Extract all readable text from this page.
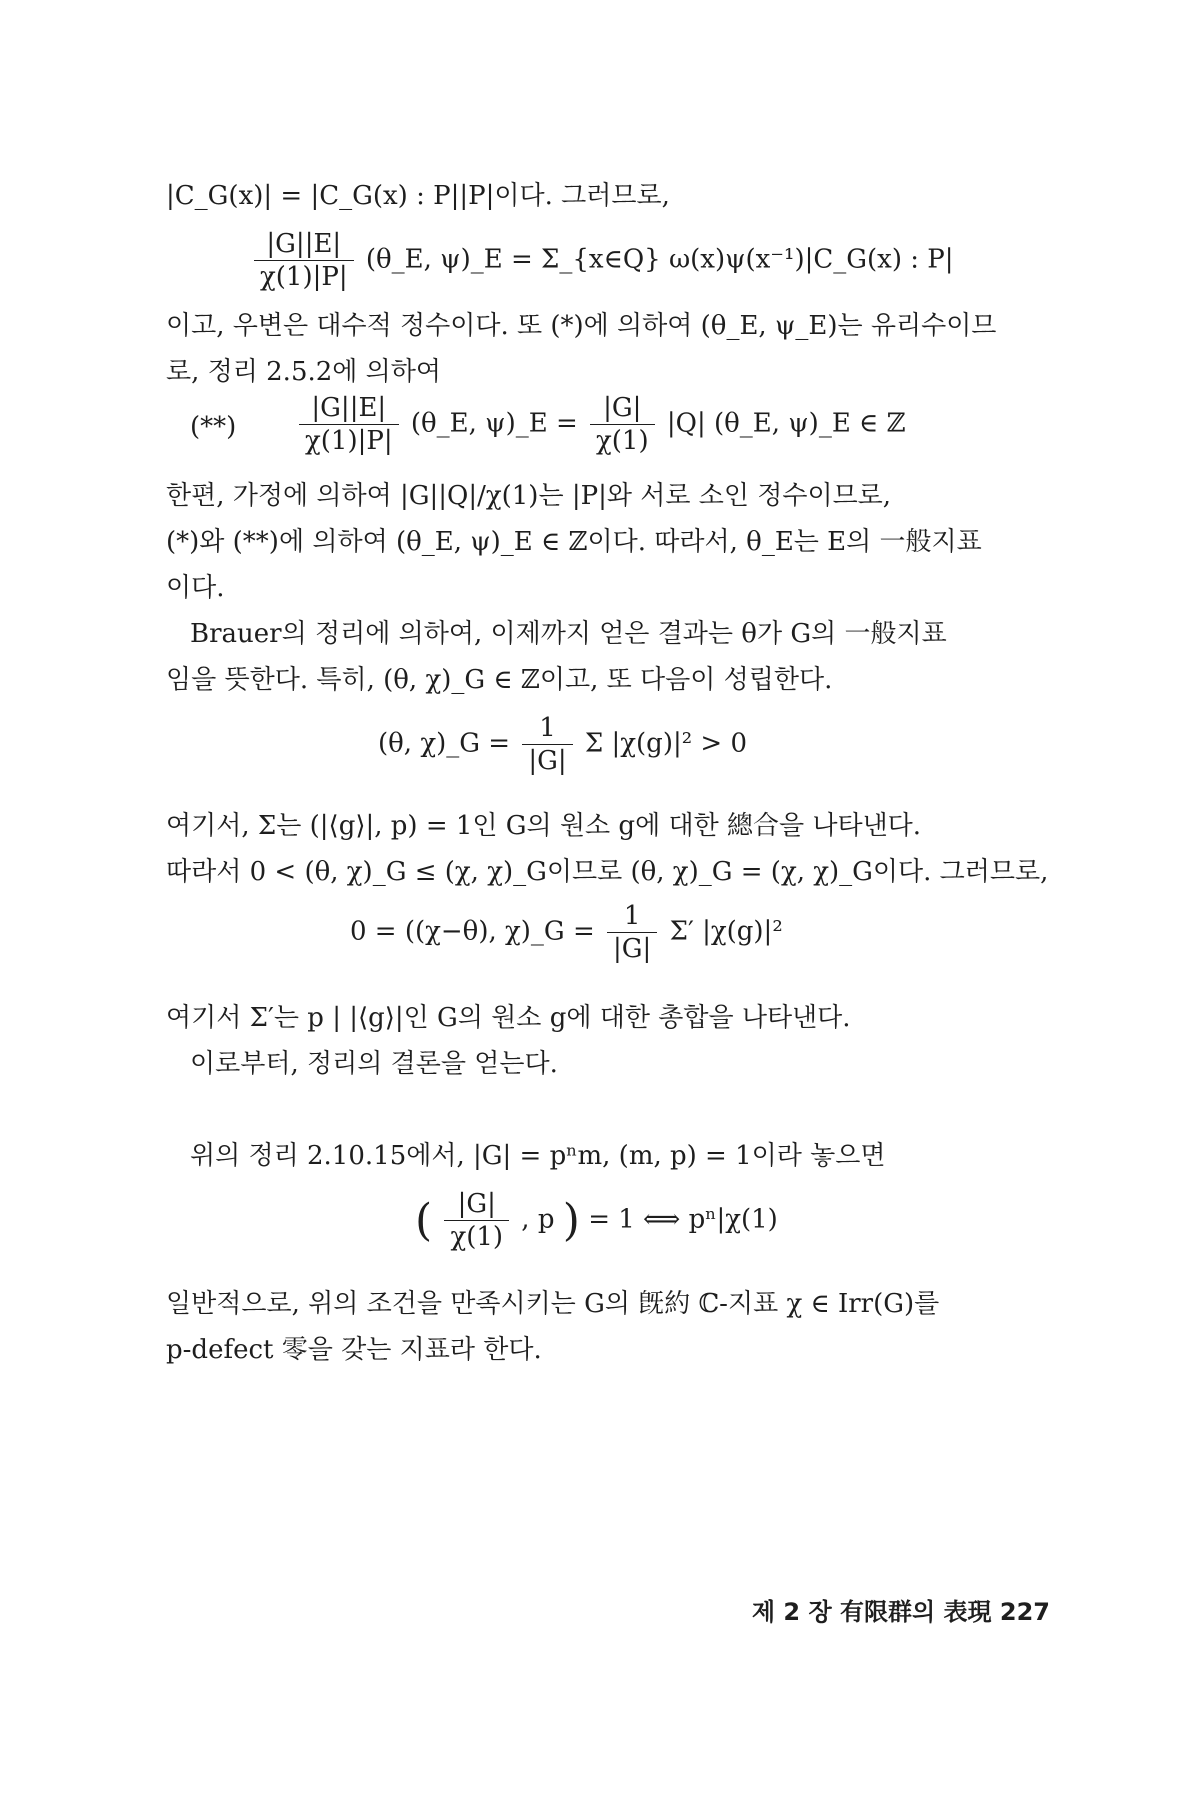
|C_G(x)| = |C_G(x) : P||P|이다. 그러므로,
$\frac{|G||E|}{\chi(1)|P|}$ (θ_E, ψ)_E = Σ_{x∈Q} ω(x)ψ(x⁻¹)|C_G(x) : P|
이고, 우변은 대수적 정수이다. 또 (*)에 의하여 (θ_E, ψ_E)는 유리수이므
로, 정리 2.5.2에 의하여
(**) $\frac{|G||E|}{\chi(1)|P|}$ (θ_E, ψ)_E = $\frac{|G|}{\chi(1)} |Q|$ (θ_E, ψ)_E ∈ ℤ
한편, 가정에 의하여 |G||Q|/χ(1)는 |P|와 서로 소인 정수이므로,
(*)와 (**)에 의하여 (θ_E, ψ)_E ∈ ℤ이다. 따라서, θ_E는 E의 一般지표
이다.
Brauer의 정리에 의하여, 이제까지 얻은 결과는 θ가 G의 一般지표
임을 뜻한다. 특히, (θ, χ)_G ∈ ℤ이고, 또 다음이 성립한다.
(θ, χ)_G = $\frac{1}{|G|}$ Σ |χ(g)|² > 0
여기서, Σ는 (|⟨g⟩|, p) = 1인 G의 원소 g에 대한 總合을 나타낸다.
따라서 0 < (θ, χ)_G ≤ (χ, χ)_G이므로 (θ, χ)_G = (χ, χ)_G이다. 그러므로,
0 = ((χ−θ), χ)_G = $\frac{1}{|G|} \Sigma'$ |χ(g)|²
여기서 Σ′는 p | |⟨g⟩|인 G의 원소 g에 대한 총합을 나타낸다.
이로부터, 정리의 결론을 얻는다.
위의 정리 2.10.15에서, |G| = pⁿm, (m, p) = 1이라 놓으면
( $\frac{|G|}{\chi(1)}$ , p ) = 1 ⟺ pⁿ|χ(1)
일반적으로, 위의 조건을 만족시키는 G의 旣約 ℂ-지표 χ ∈ Irr(G)를
p-defect 零을 갖는 지표라 한다.
제 2 장 有限群의 表現 227
